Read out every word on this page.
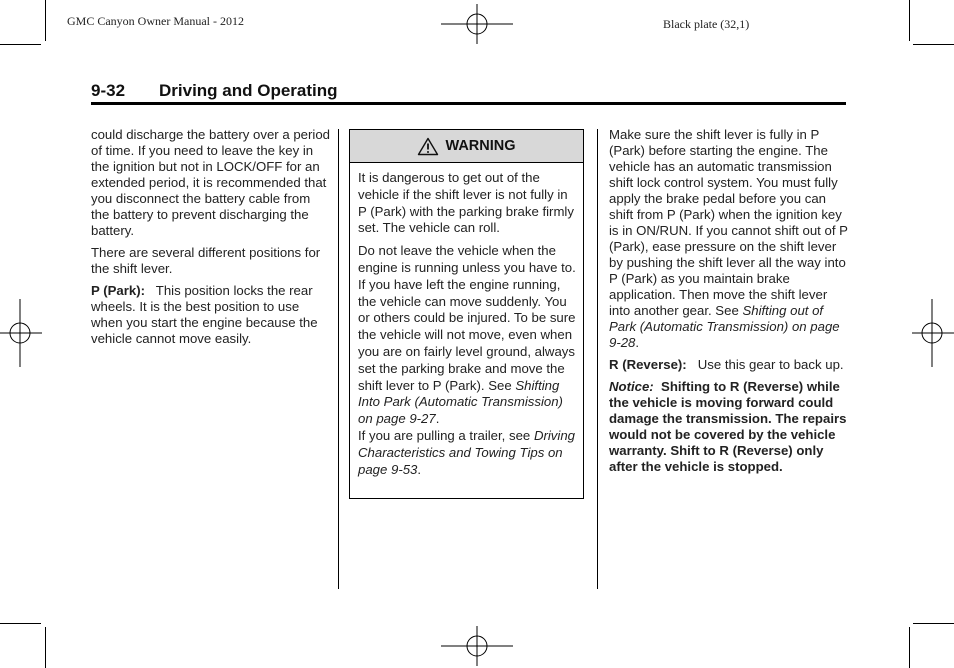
GMC Canyon Owner Manual - 2012	Black plate (32,1)
9-32 Driving and Operating

could discharge the battery over a period of time. If you need to leave the key in the ignition but not in LOCK/OFF for an extended period, it is recommended that you disconnect the battery cable from the battery to prevent discharging the battery.

There are several different positions for the shift lever.

P (Park): This position locks the rear wheels. It is the best position to use when you start the engine because the vehicle cannot move easily.

WARNING

It is dangerous to get out of the vehicle if the shift lever is not fully in P (Park) with the parking brake firmly set. The vehicle can roll.

Do not leave the vehicle when the engine is running unless you have to. If you have left the engine running, the vehicle can move suddenly. You or others could be injured. To be sure the vehicle will not move, even when you are on fairly level ground, always set the parking brake and move the shift lever to P (Park). See Shifting Into Park (Automatic Transmission) on page 9-27.

If you are pulling a trailer, see Driving Characteristics and Towing Tips on page 9-53.

Make sure the shift lever is fully in P (Park) before starting the engine. The vehicle has an automatic transmission shift lock control system. You must fully apply the brake pedal before you can shift from P (Park) when the ignition key is in ON/RUN. If you cannot shift out of P (Park), ease pressure on the shift lever by pushing the shift lever all the way into P (Park) as you maintain brake application. Then move the shift lever into another gear. See Shifting out of Park (Automatic Transmission) on page 9-28.

R (Reverse): Use this gear to back up.

Notice: Shifting to R (Reverse) while the vehicle is moving forward could damage the transmission. The repairs would not be covered by the vehicle warranty. Shift to R (Reverse) only after the vehicle is stopped.
